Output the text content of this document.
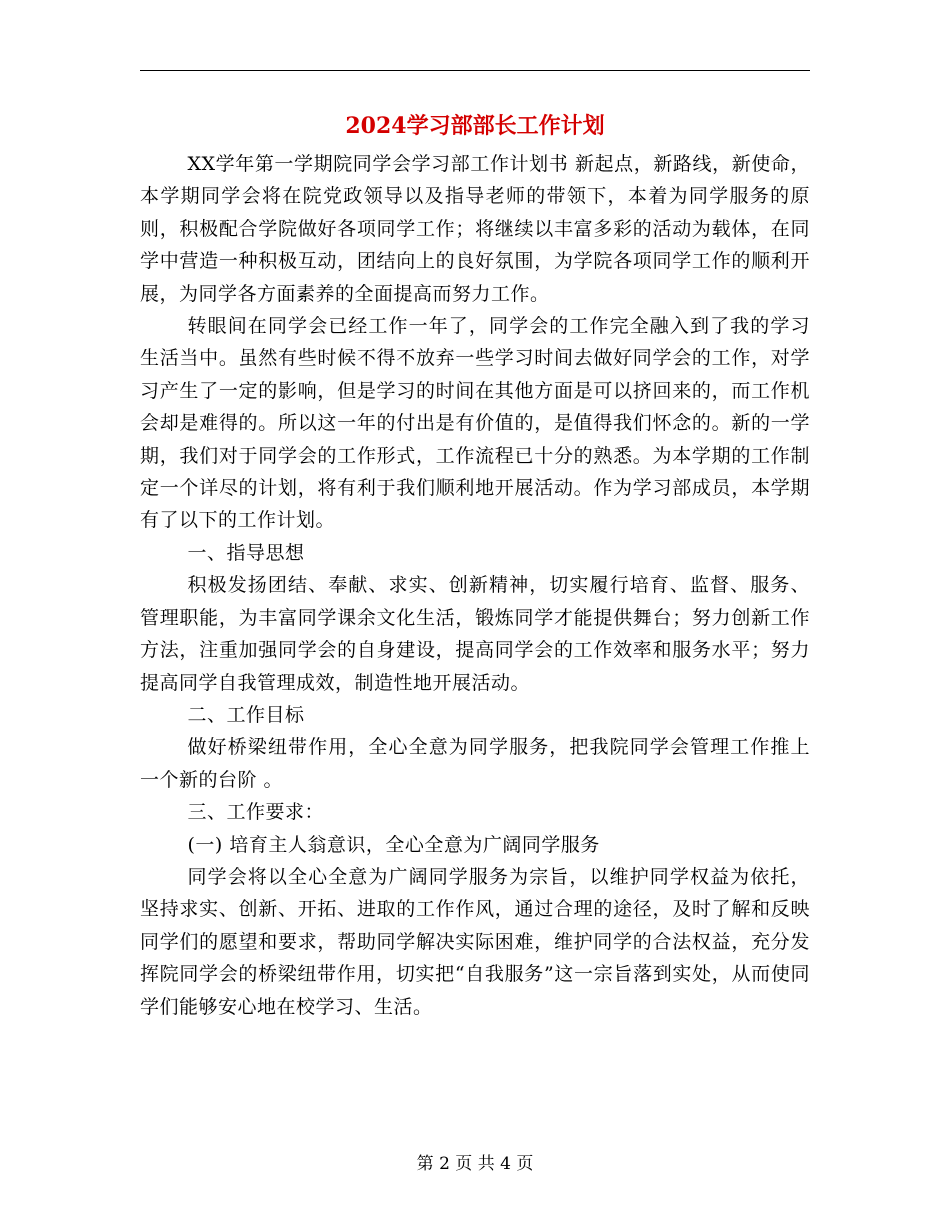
2024学习部部长工作计划

XX学年第一学期院同学会学习部工作计划书 新起点，新路线，新使命，本学期同学会将在院党政领导以及指导老师的带领下，本着为同学服务的原则，积极配合学院做好各项同学工作；将继续以丰富多彩的活动为载体，在同学中营造一种积极互动，团结向上的良好氛围，为学院各项同学工作的顺利开展，为同学各方面素养的全面提高而努力工作。

转眼间在同学会已经工作一年了，同学会的工作完全融入到了我的学习生活当中。虽然有些时候不得不放弃一些学习时间去做好同学会的工作，对学习产生了一定的影响，但是学习的时间在其他方面是可以挤回来的，而工作机会却是难得的。所以这一年的付出是有价值的，是值得我们怀念的。新的一学期，我们对于同学会的工作形式，工作流程已十分的熟悉。为本学期的工作制定一个详尽的计划，将有利于我们顺利地开展活动。作为学习部成员，本学期有了以下的工作计划。

一、指导思想

积极发扬团结、奉献、求实、创新精神，切实履行培育、监督、服务、管理职能，为丰富同学课余文化生活，锻炼同学才能提供舞台；努力创新工作方法，注重加强同学会的自身建设，提高同学会的工作效率和服务水平；努力提高同学自我管理成效，制造性地开展活动。

二、工作目标

做好桥梁纽带作用，全心全意为同学服务，把我院同学会管理工作推上一个新的台阶 。

三、工作要求：

(一) 培育主人翁意识，全心全意为广阔同学服务

同学会将以全心全意为广阔同学服务为宗旨，以维护同学权益为依托，坚持求实、创新、开拓、进取的工作作风，通过合理的途径，及时了解和反映同学们的愿望和要求，帮助同学解决实际困难，维护同学的合法权益，充分发挥院同学会的桥梁纽带作用，切实把“自我服务”这一宗旨落到实处，从而使同学们能够安心地在校学习、生活。

第 2 页 共 4 页
